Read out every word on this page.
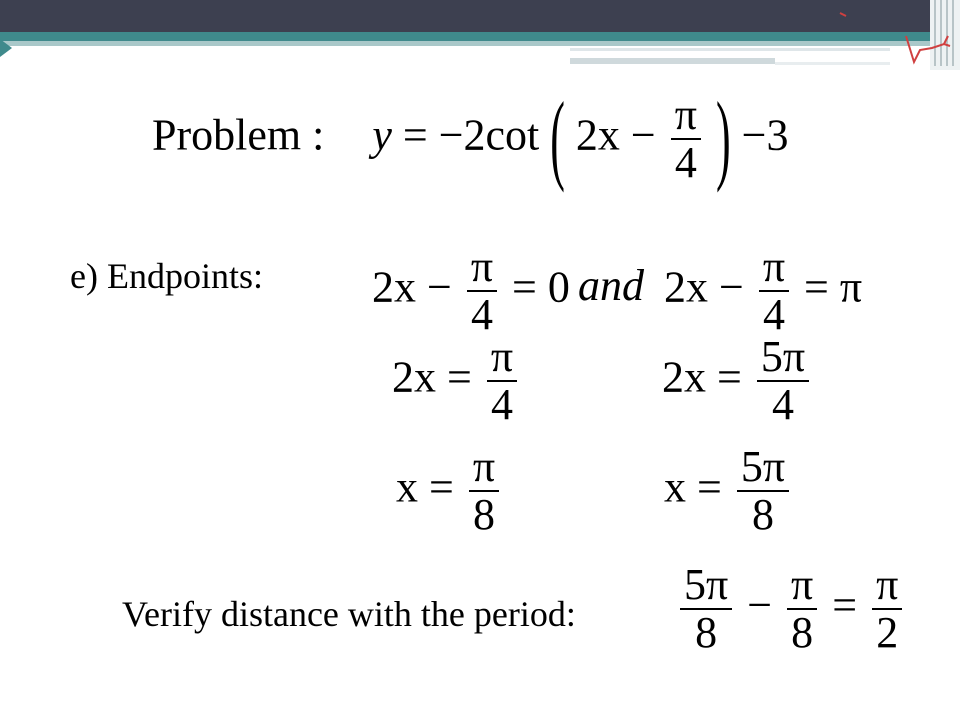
Problem : y = −2cot ( $2x - \frac{\pi}{4}$ ) −3
e) Endpoints: $2x - \frac{\pi}{4} = 0$ and $2x - \frac{\pi}{4} = \pi$
$2x = \frac{\pi}{4}$	$2x = \frac{5\pi}{4}$
$x = \frac{\pi}{8}$	$x = \frac{5\pi}{8}$
Verify distance with the period: $\frac{5\pi}{8} - \frac{\pi}{8} = \frac{\pi}{2}$
